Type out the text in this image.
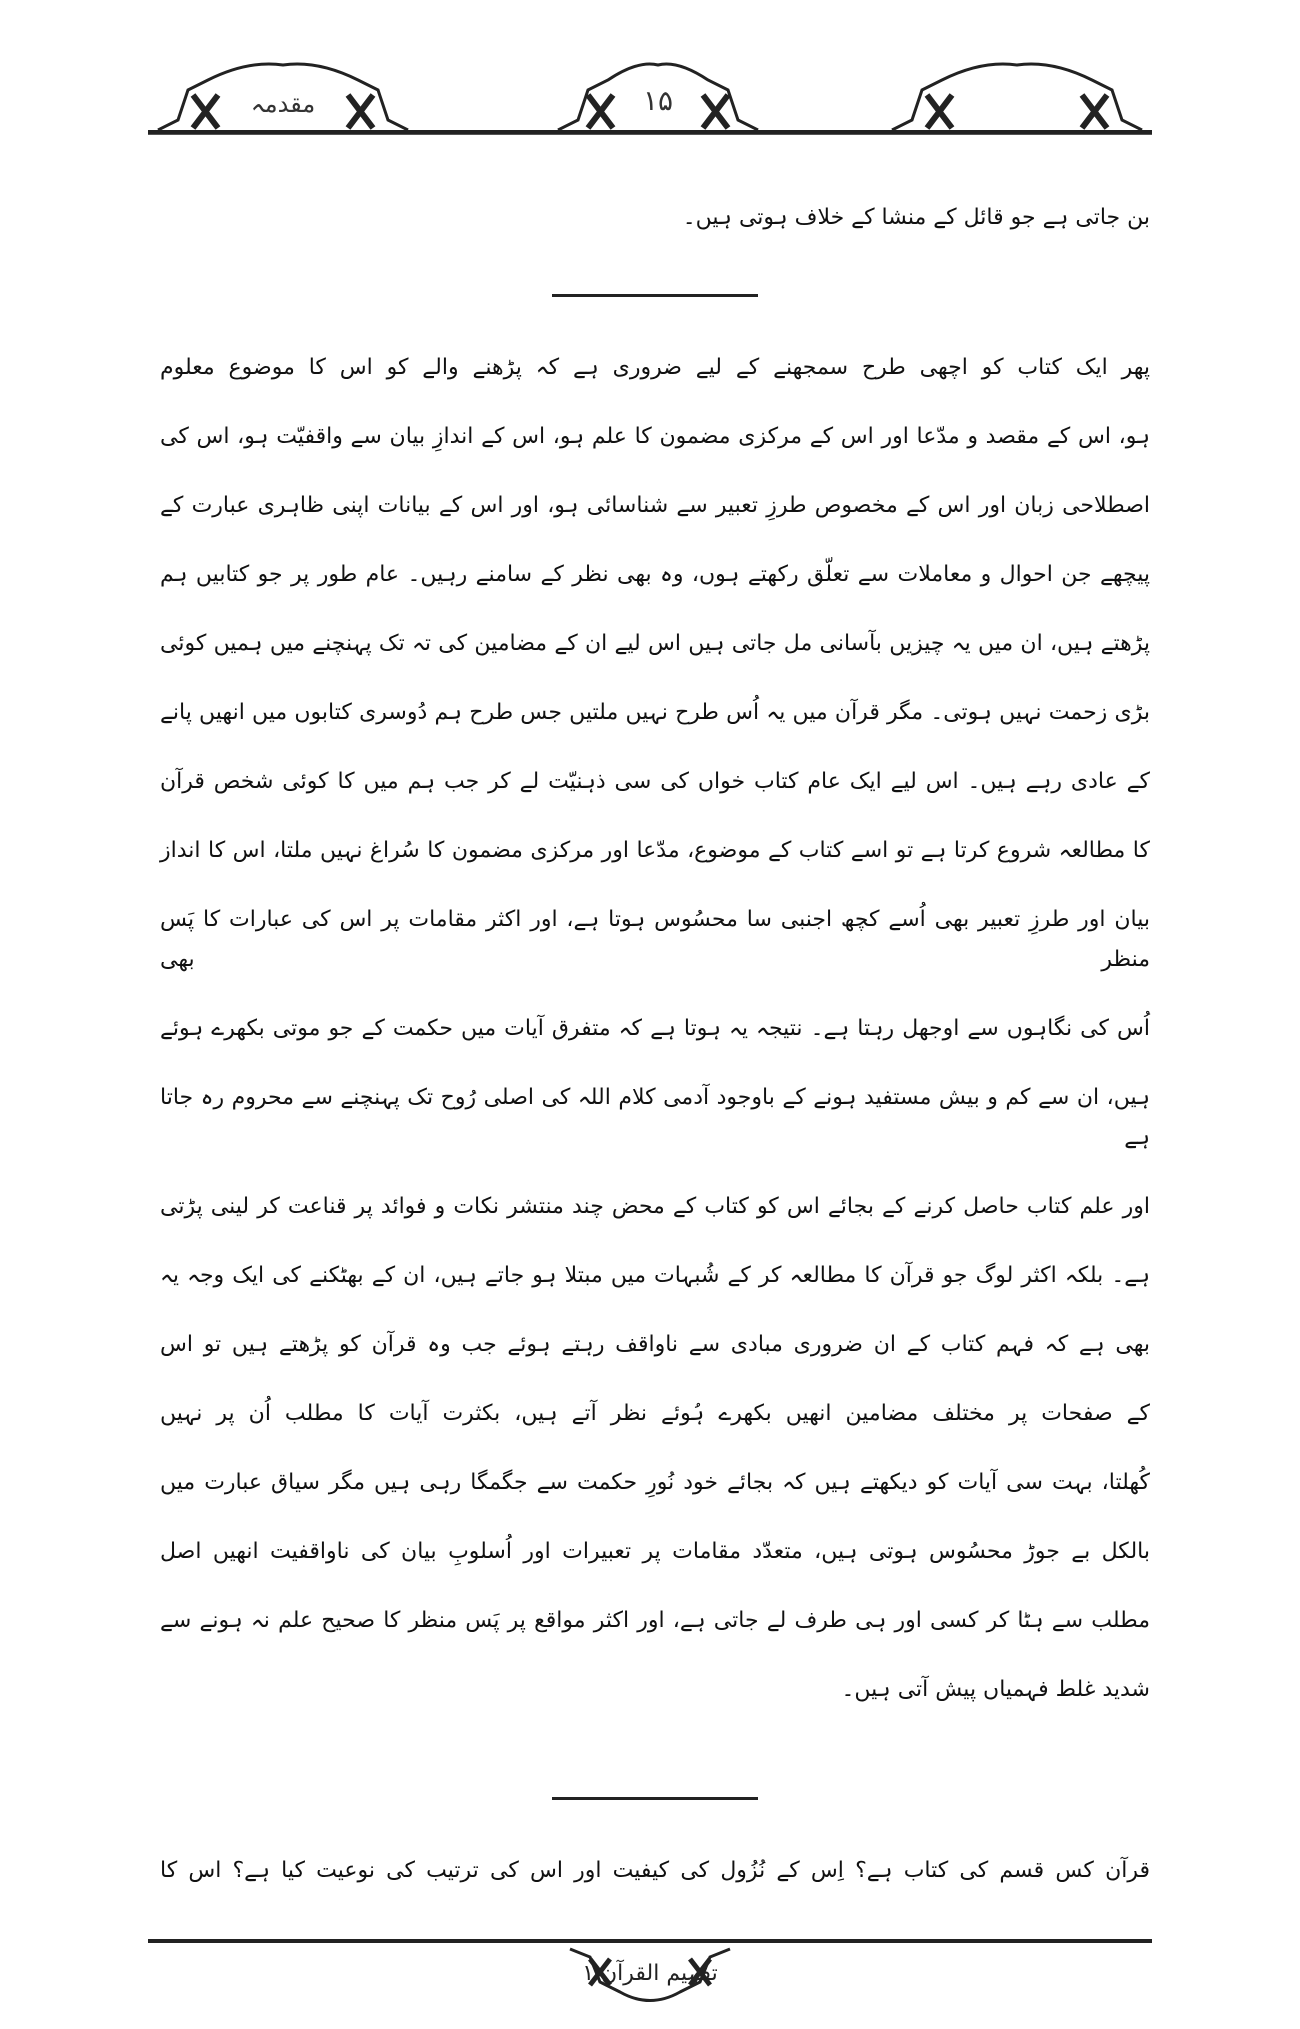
مقدمہ	۱۵
بن جاتی ہے جو قائل کے منشا کے خلاف ہوتی ہیں۔
پھر ایک کتاب کو اچھی طرح سمجھنے کے لیے ضروری ہے کہ پڑھنے والے کو اس کا موضوع معلوم
ہو، اس کے مقصد و مدّعا اور اس کے مرکزی مضمون کا علم ہو، اس کے اندازِ بیان سے واقفیّت ہو، اس کی
اصطلاحی زبان اور اس کے مخصوص طرزِ تعبیر سے شناسائی ہو، اور اس کے بیانات اپنی ظاہری عبارت کے
پیچھے جن احوال و معاملات سے تعلّق رکھتے ہوں، وہ بھی نظر کے سامنے رہیں۔ عام طور پر جو کتابیں ہم
پڑھتے ہیں، ان میں یہ چیزیں بآسانی مل جاتی ہیں اس لیے ان کے مضامین کی تہ تک پہنچنے میں ہمیں کوئی
بڑی زحمت نہیں ہوتی۔ مگر قرآن میں یہ اُس طرح نہیں ملتیں جس طرح ہم دُوسری کتابوں میں انھیں پانے
کے عادی رہے ہیں۔ اس لیے ایک عام کتاب خواں کی سی ذہنیّت لے کر جب ہم میں کا کوئی شخص قرآن
کا مطالعہ شروع کرتا ہے تو اسے کتاب کے موضوع، مدّعا اور مرکزی مضمون کا سُراغ نہیں ملتا، اس کا انداز
بیان اور طرزِ تعبیر بھی اُسے کچھ اجنبی سا محسُوس ہوتا ہے، اور اکثر مقامات پر اس کی عبارات کا پَس منظر بھی
اُس کی نگاہوں سے اوجھل رہتا ہے۔ نتیجہ یہ ہوتا ہے کہ متفرق آیات میں حکمت کے جو موتی بکھرے ہوئے
ہیں، ان سے کم و بیش مستفید ہونے کے باوجود آدمی کلام اللہ کی اصلی رُوح تک پہنچنے سے محروم رہ جاتا ہے
اور علم کتاب حاصل کرنے کے بجائے اس کو کتاب کے محض چند منتشر نکات و فوائد پر قناعت کر لینی پڑتی
ہے۔ بلکہ اکثر لوگ جو قرآن کا مطالعہ کر کے شُبہات میں مبتلا ہو جاتے ہیں، ان کے بھٹکنے کی ایک وجہ یہ
بھی ہے کہ فہم کتاب کے ان ضروری مبادی سے ناواقف رہتے ہوئے جب وہ قرآن کو پڑھتے ہیں تو اس
کے صفحات پر مختلف مضامین انھیں بکھرے ہُوئے نظر آتے ہیں، بکثرت آیات کا مطلب اُن پر نہیں
کُھلتا، بہت سی آیات کو دیکھتے ہیں کہ بجائے خود نُورِ حکمت سے جگمگا رہی ہیں مگر سیاق عبارت میں
بالکل بے جوڑ محسُوس ہوتی ہیں، متعدّد مقامات پر تعبیرات اور اُسلوبِ بیان کی ناواقفیت انھیں اصل
مطلب سے ہٹا کر کسی اور ہی طرف لے جاتی ہے، اور اکثر مواقع پر پَس منظر کا صحیح علم نہ ہونے سے
شدید غلط فہمیاں پیش آتی ہیں۔
قرآن کس قسم کی کتاب ہے؟ اِس کے نُزُول کی کیفیت اور اس کی ترتیب کی نوعیت کیا ہے؟ اس کا
تفہیم القرآن ۱
